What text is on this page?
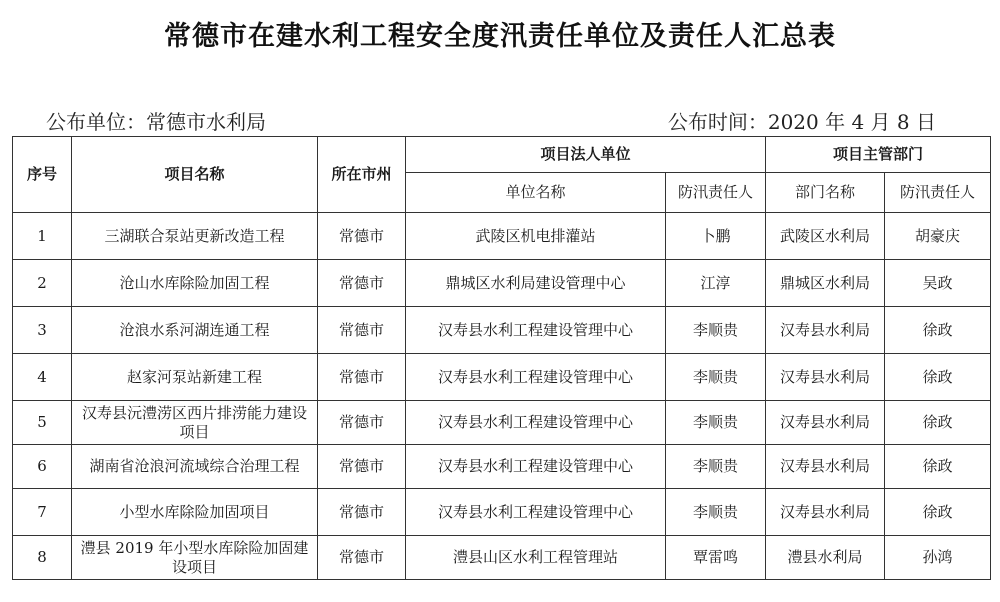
常德市在建水利工程安全度汛责任单位及责任人汇总表
公布单位：常德市水利局	公布时间：2020 年 4 月 8 日
序号	项目名称	所在市州	项目法人单位		项目主管部门	
			单位名称	防汛责任人	部门名称	防汛责任人
1	三湖联合泵站更新改造工程	常德市	武陵区机电排灌站	卜鹏	武陵区水利局	胡豪庆
2	沧山水库除险加固工程	常德市	鼎城区水利局建设管理中心	江淳	鼎城区水利局	吴政
3	沧浪水系河湖连通工程	常德市	汉寿县水利工程建设管理中心	李顺贵	汉寿县水利局	徐政
4	赵家河泵站新建工程	常德市	汉寿县水利工程建设管理中心	李顺贵	汉寿县水利局	徐政
5	汉寿县沅澧涝区西片排涝能力建设项目	常德市	汉寿县水利工程建设管理中心	李顺贵	汉寿县水利局	徐政
6	湖南省沧浪河流域综合治理工程	常德市	汉寿县水利工程建设管理中心	李顺贵	汉寿县水利局	徐政
7	小型水库除险加固项目	常德市	汉寿县水利工程建设管理中心	李顺贵	汉寿县水利局	徐政
8	澧县 2019 年小型水库除险加固建设项目	常德市	澧县山区水利工程管理站	覃雷鸣	澧县水利局	孙鸿
